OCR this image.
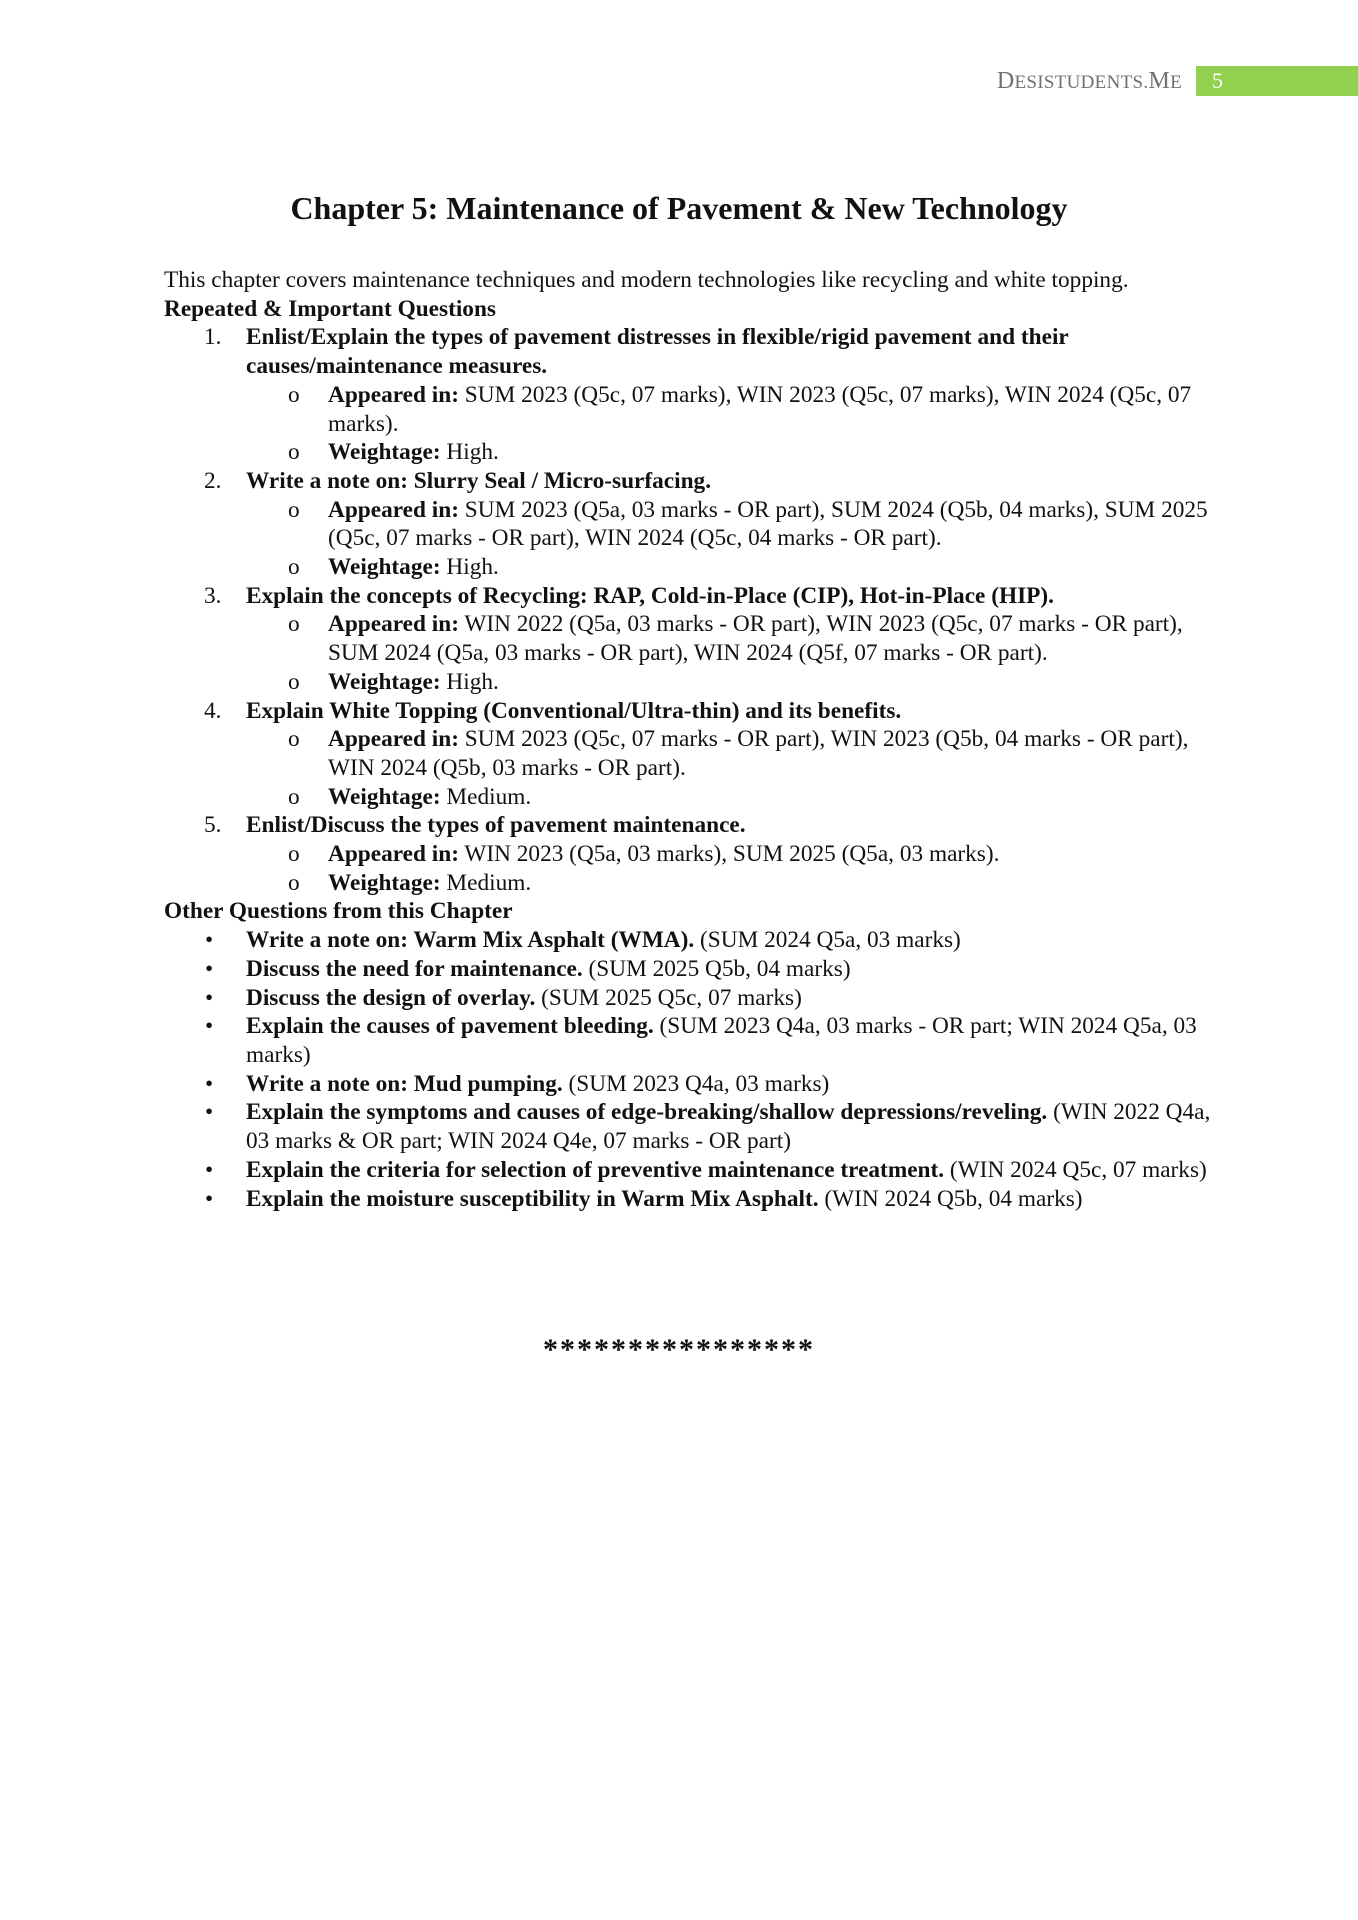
DESISTUDENTS.ME	5
Chapter 5: Maintenance of Pavement & New Technology

This chapter covers maintenance techniques and modern technologies like recycling and white topping.

Repeated & Important Questions

1. Enlist/Explain the types of pavement distresses in flexible/rigid pavement and their causes/maintenance measures.
o Appeared in: SUM 2023 (Q5c, 07 marks), WIN 2023 (Q5c, 07 marks), WIN 2024 (Q5c, 07 marks).
o Weightage: High.
2. Write a note on: Slurry Seal / Micro-surfacing.
o Appeared in: SUM 2023 (Q5a, 03 marks - OR part), SUM 2024 (Q5b, 04 marks), SUM 2025 (Q5c, 07 marks - OR part), WIN 2024 (Q5c, 04 marks - OR part).
o Weightage: High.
3. Explain the concepts of Recycling: RAP, Cold-in-Place (CIP), Hot-in-Place (HIP).
o Appeared in: WIN 2022 (Q5a, 03 marks - OR part), WIN 2023 (Q5c, 07 marks - OR part), SUM 2024 (Q5a, 03 marks - OR part), WIN 2024 (Q5f, 07 marks - OR part).
o Weightage: High.
4. Explain White Topping (Conventional/Ultra-thin) and its benefits.
o Appeared in: SUM 2023 (Q5c, 07 marks - OR part), WIN 2023 (Q5b, 04 marks - OR part), WIN 2024 (Q5b, 03 marks - OR part).
o Weightage: Medium.
5. Enlist/Discuss the types of pavement maintenance.
o Appeared in: WIN 2023 (Q5a, 03 marks), SUM 2025 (Q5a, 03 marks).
o Weightage: Medium.

Other Questions from this Chapter

• Write a note on: Warm Mix Asphalt (WMA). (SUM 2024 Q5a, 03 marks)
• Discuss the need for maintenance. (SUM 2025 Q5b, 04 marks)
• Discuss the design of overlay. (SUM 2025 Q5c, 07 marks)
• Explain the causes of pavement bleeding. (SUM 2023 Q4a, 03 marks - OR part; WIN 2024 Q5a, 03 marks)
• Write a note on: Mud pumping. (SUM 2023 Q4a, 03 marks)
• Explain the symptoms and causes of edge-breaking/shallow depressions/reveling. (WIN 2022 Q4a, 03 marks & OR part; WIN 2024 Q4e, 07 marks - OR part)
• Explain the criteria for selection of preventive maintenance treatment. (WIN 2024 Q5c, 07 marks)
• Explain the moisture susceptibility in Warm Mix Asphalt. (WIN 2024 Q5b, 04 marks)
****************
